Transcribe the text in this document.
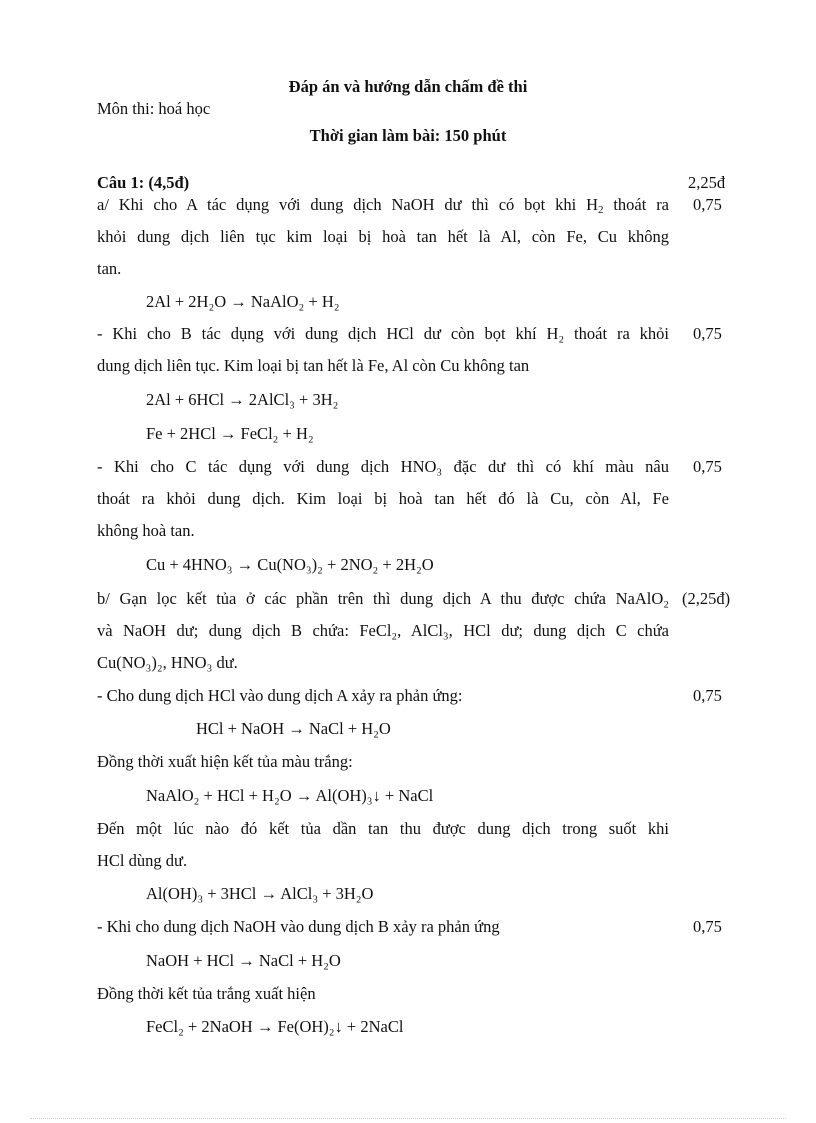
Đáp án và hướng dẫn chấm đề thi
Môn thi: hoá học
Thời gian làm bài: 150 phút
Câu 1: (4,5đ)	2,25đ
a/ Khi cho A tác dụng với dung dịch NaOH dư thì có bọt khi $H_2$ thoát ra 0,75
khỏi dung dịch liên tục kim loại bị hoà tan hết là Al, còn Fe, Cu không
tan.
2Al + 2H₂O → NaAlO₂ + H₂
- Khi cho B tác dụng với dung dịch HCl dư còn bọt khí H₂ thoát ra khỏi 0,75
dung dịch liên tục. Kim loại bị tan hết là Fe, Al còn Cu không tan
2Al + 6HCl → 2AlCl₃ + 3H₂
Fe + 2HCl → FeCl₂ + H₂
- Khi cho C tác dụng với dung dịch HNO₃ đặc dư thì có khí màu nâu 0,75
thoát ra khỏi dung dịch. Kim loại bị hoà tan hết đó là Cu, còn Al, Fe
không hoà tan.
Cu + 4HNO₃ → Cu(NO₃)₂ + 2NO₂ + 2H₂O
b/ Gạn lọc kết tủa ở các phần trên thì dung dịch A thu được chứa NaAlO₂ (2,25đ)
và NaOH dư; dung dịch B chứa: FeCl₂, AlCl₃, HCl dư; dung dịch C chứa
Cu(NO₃)₂, HNO₃ dư.
- Cho dung dịch HCl vào dung dịch A xảy ra phản ứng:	0,75
HCl + NaOH → NaCl + H₂O
Đồng thời xuất hiện kết tủa màu trắng:
NaAlO₂ + HCl + H₂O → Al(OH)₃↓ + NaCl
Đến một lúc nào đó kết tủa dần tan thu được dung dịch trong suốt khi
HCl dùng dư.
Al(OH)₃ + 3HCl → AlCl₃ + 3H₂O
- Khi cho dung dịch NaOH vào dung dịch B xảy ra phản ứng	0,75
NaOH + HCl → NaCl + H₂O
Đồng thời kết tủa trắng xuất hiện
FeCl₂ + 2NaOH → Fe(OH)₂↓ + 2NaCl
